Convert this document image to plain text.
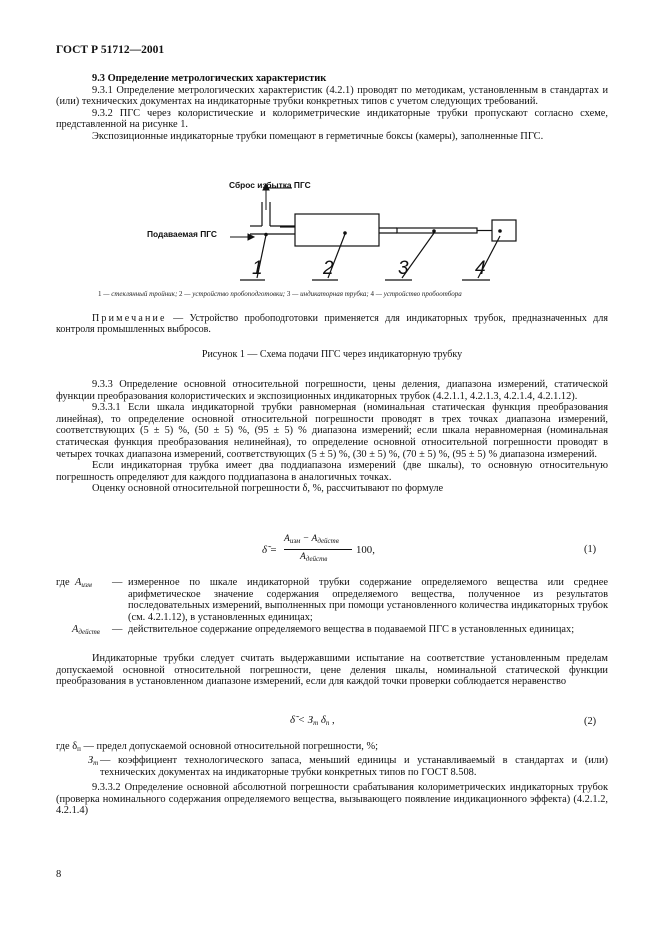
ГОСТ Р 51712—2001
9.3 Определение метрологических характеристик
9.3.1 Определение метрологических характеристик (4.2.1) проводят по методикам, установленным в стандартах и (или) технических документах на индикаторные трубки конкретных типов с учетом следующих требований.
9.3.2 ПГС через колористические и колориметрические индикаторные трубки пропускают согласно схеме, представленной на рисунке 1.
Экспозиционные индикаторные трубки помещают в герметичные боксы (камеры), заполненные ПГС.
Сброс избытка ПГС
Подаваемая ПГС
1	2	3	4
1 — стеклянный тройник; 2 — устройство пробоподготовки; 3 — индикаторная трубка; 4 — устройство пробоотбора
Примечание — Устройство пробоподготовки применяется для индикаторных трубок, предназначенных для контроля промышленных выбросов.
Рисунок 1 — Схема подачи ПГС через индикаторную трубку
9.3.3 Определение основной относительной погрешности, цены деления, диапазона измерений, статической функции преобразования колористических и экспозиционных индикаторных трубок (4.2.1.1, 4.2.1.3, 4.2.1.4, 4.2.1.12).
9.3.3.1 Если шкала индикаторной трубки равномерная (номинальная статическая функция преобразования линейная), то определение основной относительной погрешности проводят в трех точках диапазона измерений, соответствующих (5 ± 5) %, (50 ± 5) %, (95 ± 5) % диапазона измерений; если шкала неравномерная (номинальная статическая функция преобразования нелинейная), то определение основной относительной погрешности проводят в четырех точках диапазона измерений, соответствующих (5 ± 5) %, (30 ± 5) %, (70 ± 5) %, (95 ± 5) % диапазона измерений.
Если индикаторная трубка имеет два поддиапазона измерений (две шкалы), то основную относительную погрешность определяют для каждого поддиапазона в аналогичных точках.
Оценку основной относительной погрешности δ, %, рассчитывают по формуле
δ̃ =
$A_{изм} - A_{действ}$
$A_{действ}$
100,	(1)
где $A_{изм}$ — измеренное по шкале индикаторной трубки содержание определяемого вещества или среднее арифметическое значение содержания определяемого вещества, полученное из результатов последовательных измерений, выполненных при помощи установленного количества индикаторных трубок (см. 4.2.1.12), в установленных единицах;
$A_{действ}$ — действительное содержание определяемого вещества в подаваемой ПГС в установленных единицах;
Индикаторные трубки следует считать выдержавшими испытание на соответствие установленным пределам допускаемой основной относительной погрешности, цене деления шкалы, номинальной статической функции преобразования в установленном диапазоне измерений, если для каждой точки проверки соблюдается неравенство
δ̃ < $З_т$ $\delta_п$ ,	(2)
где $\delta_п$ — предел допускаемой основной относительной погрешности, %;
$З_т$ — коэффициент технологического запаса, меньший единицы и устанавливаемый в стандартах и (или) технических документах на индикаторные трубки конкретных типов по ГОСТ 8.508.
9.3.3.2 Определение основной абсолютной погрешности срабатывания колориметрических индикаторных трубок (проверка номинального содержания определяемого вещества, вызывающего появление индикационного эффекта) (4.2.1.2, 4.2.1.4)
8
